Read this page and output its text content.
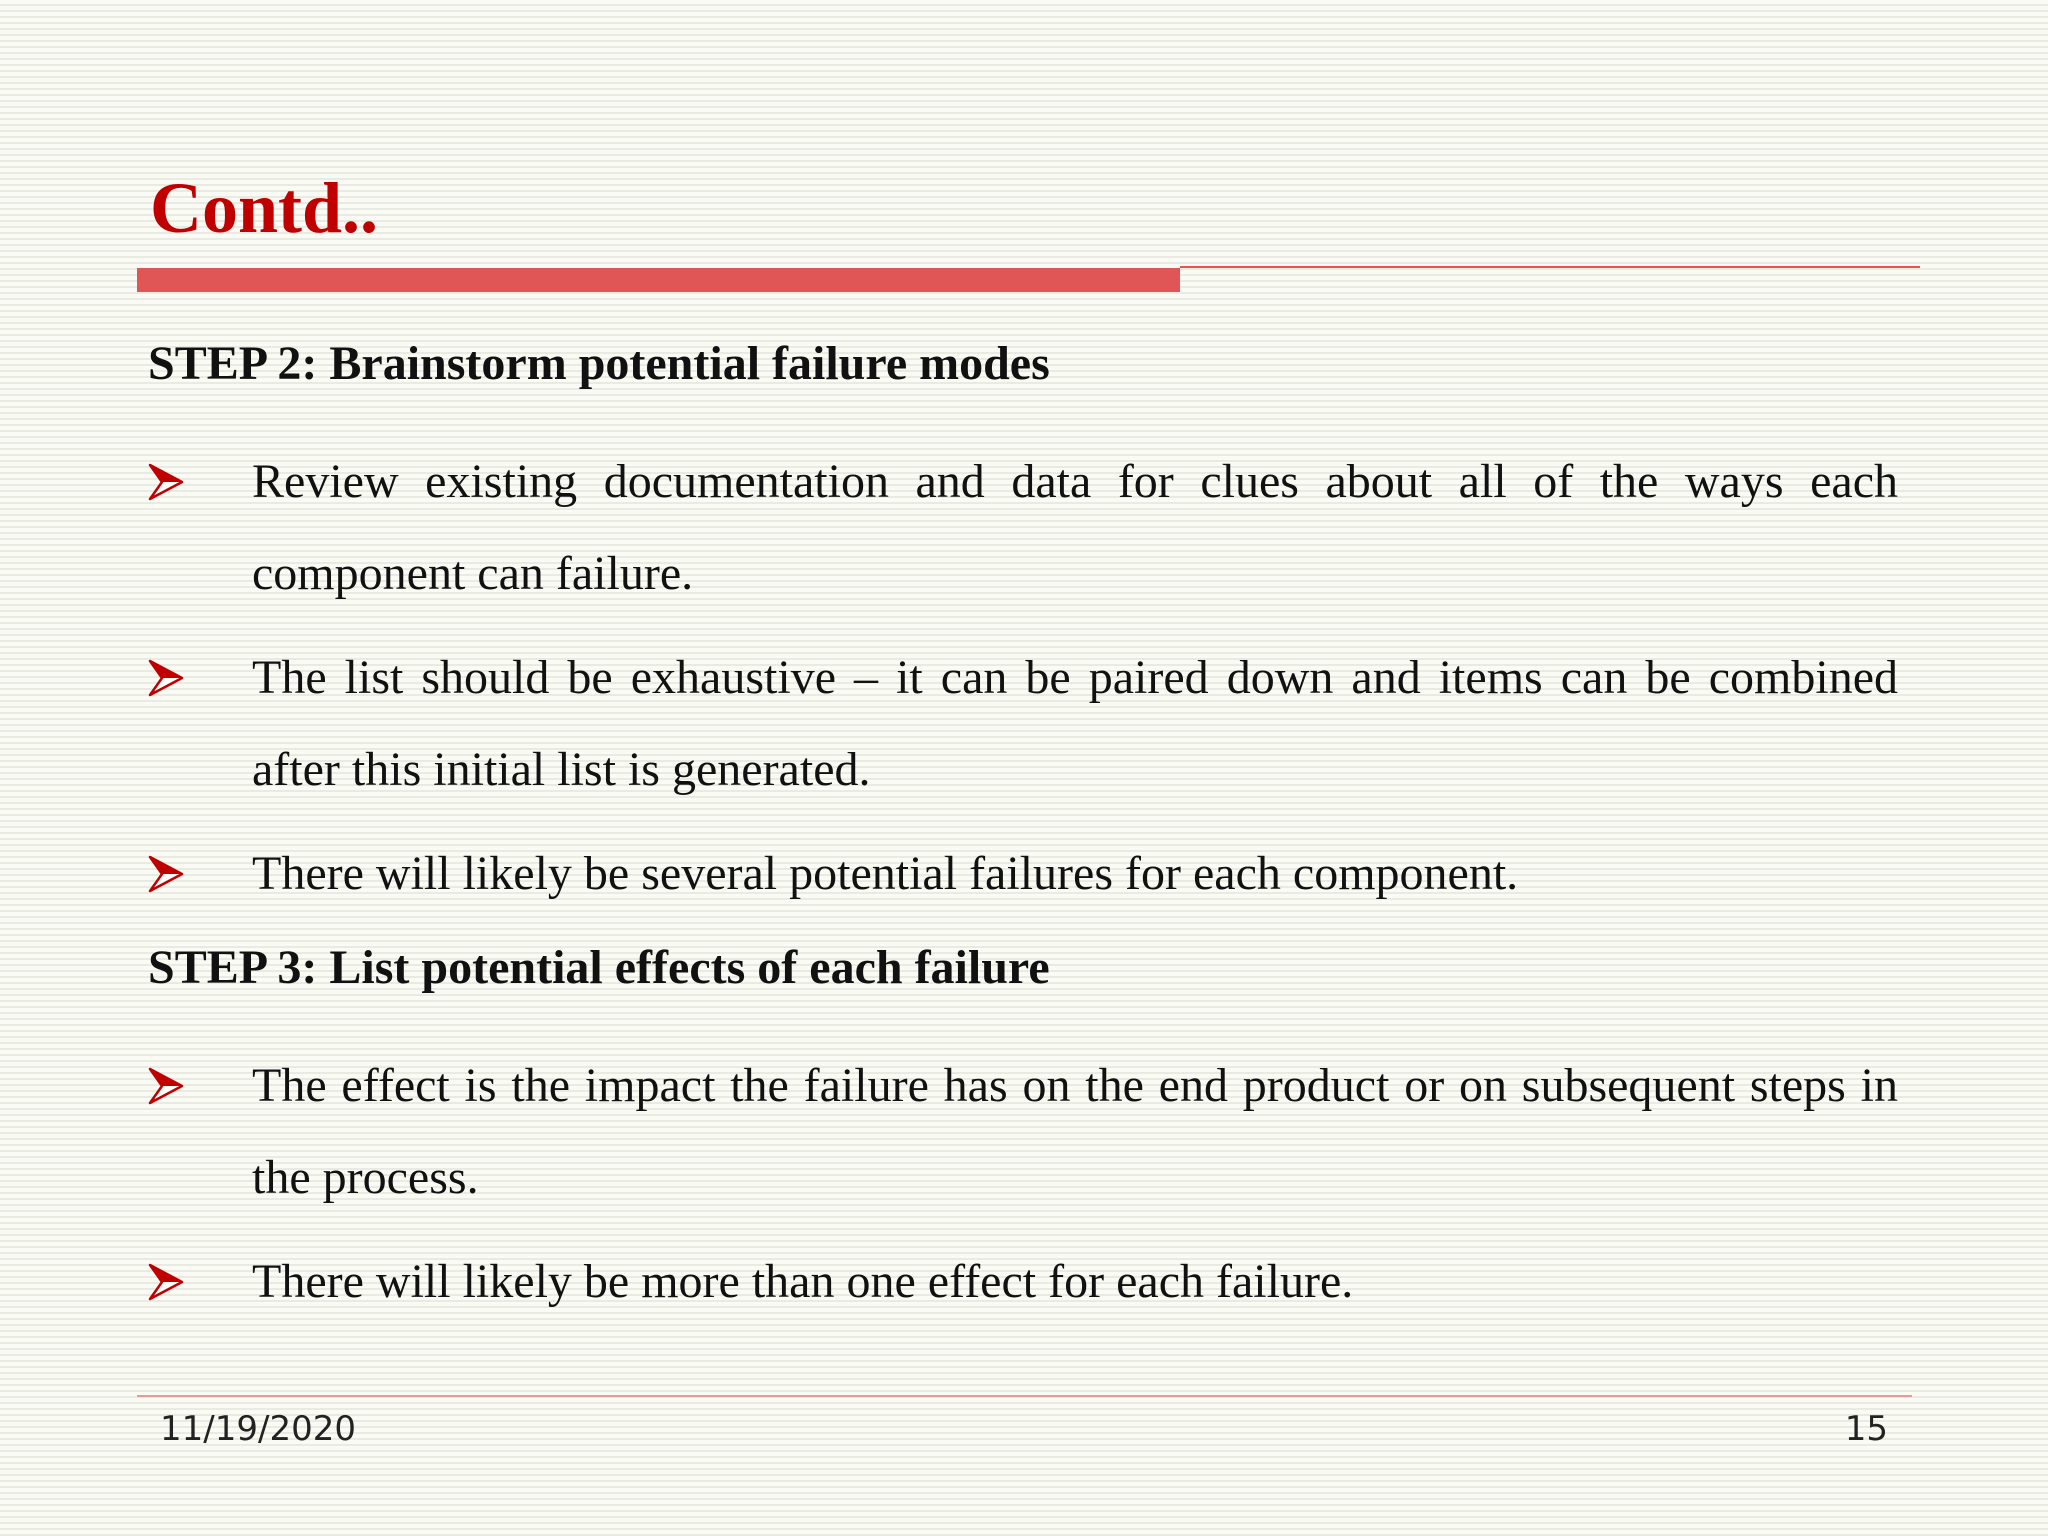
Contd..
STEP 2: Brainstorm potential failure modes
Review existing documentation and data for clues about all of the ways each component can failure.
The list should be exhaustive – it can be paired down and items can be combined after this initial list is generated.
There will likely be several potential failures for each component.
STEP 3: List potential effects of each failure
The effect is the impact the failure has on the end product or on subsequent steps in the process.
There will likely be more than one effect for each failure.
11/19/2020	15
